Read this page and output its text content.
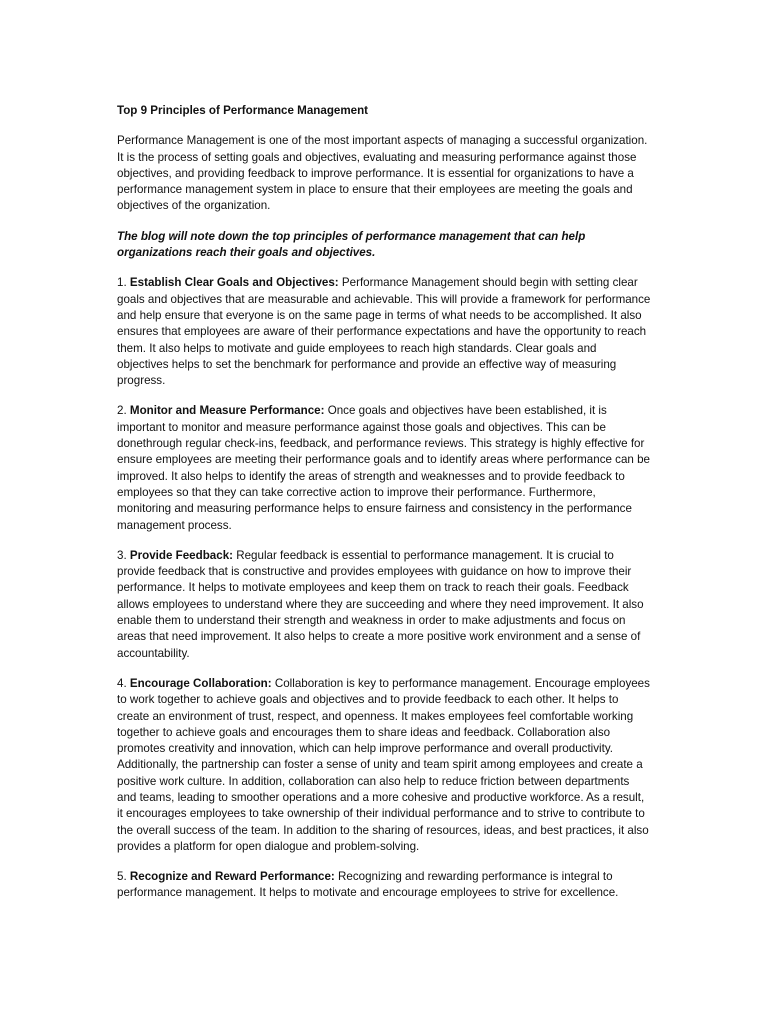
Top 9 Principles of Performance Management

Performance Management is one of the most important aspects of managing a successful organization. It is the process of setting goals and objectives, evaluating and measuring performance against those objectives, and providing feedback to improve performance. It is essential for organizations to have a performance management system in place to ensure that their employees are meeting the goals and objectives of the organization.

The blog will note down the top principles of performance management that can help organizations reach their goals and objectives.

1. Establish Clear Goals and Objectives: Performance Management should begin with setting clear goals and objectives that are measurable and achievable. This will provide a framework for performance and help ensure that everyone is on the same page in terms of what needs to be accomplished. It also ensures that employees are aware of their performance expectations and have the opportunity to reach them. It also helps to motivate and guide employees to reach high standards. Clear goals and objectives helps to set the benchmark for performance and provide an effective way of measuring progress.

2. Monitor and Measure Performance: Once goals and objectives have been established, it is important to monitor and measure performance against those goals and objectives. This can be donethrough regular check-ins, feedback, and performance reviews. This strategy is highly effective for ensure employees are meeting their performance goals and to identify areas where performance can be improved. It also helps to identify the areas of strength and weaknesses and to provide feedback to employees so that they can take corrective action to improve their performance. Furthermore, monitoring and measuring performance helps to ensure fairness and consistency in the performance management process.

3. Provide Feedback: Regular feedback is essential to performance management. It is crucial to provide feedback that is constructive and provides employees with guidance on how to improve their performance. It helps to motivate employees and keep them on track to reach their goals. Feedback allows employees to understand where they are succeeding and where they need improvement. It also enable them to understand their strength and weakness in order to make adjustments and focus on areas that need improvement. It also helps to create a more positive work environment and a sense of accountability.

4. Encourage Collaboration: Collaboration is key to performance management. Encourage employees to work together to achieve goals and objectives and to provide feedback to each other. It helps to create an environment of trust, respect, and openness. It makes employees feel comfortable working together to achieve goals and encourages them to share ideas and feedback. Collaboration also promotes creativity and innovation, which can help improve performance and overall productivity. Additionally, the partnership can foster a sense of unity and team spirit among employees and create a positive work culture. In addition, collaboration can also help to reduce friction between departments and teams, leading to smoother operations and a more cohesive and productive workforce. As a result, it encourages employees to take ownership of their individual performance and to strive to contribute to the overall success of the team. In addition to the sharing of resources, ideas, and best practices, it also provides a platform for open dialogue and problem-solving.

5. Recognize and Reward Performance: Recognizing and rewarding performance is integral to performance management. It helps to motivate and encourage employees to strive for excellence.
